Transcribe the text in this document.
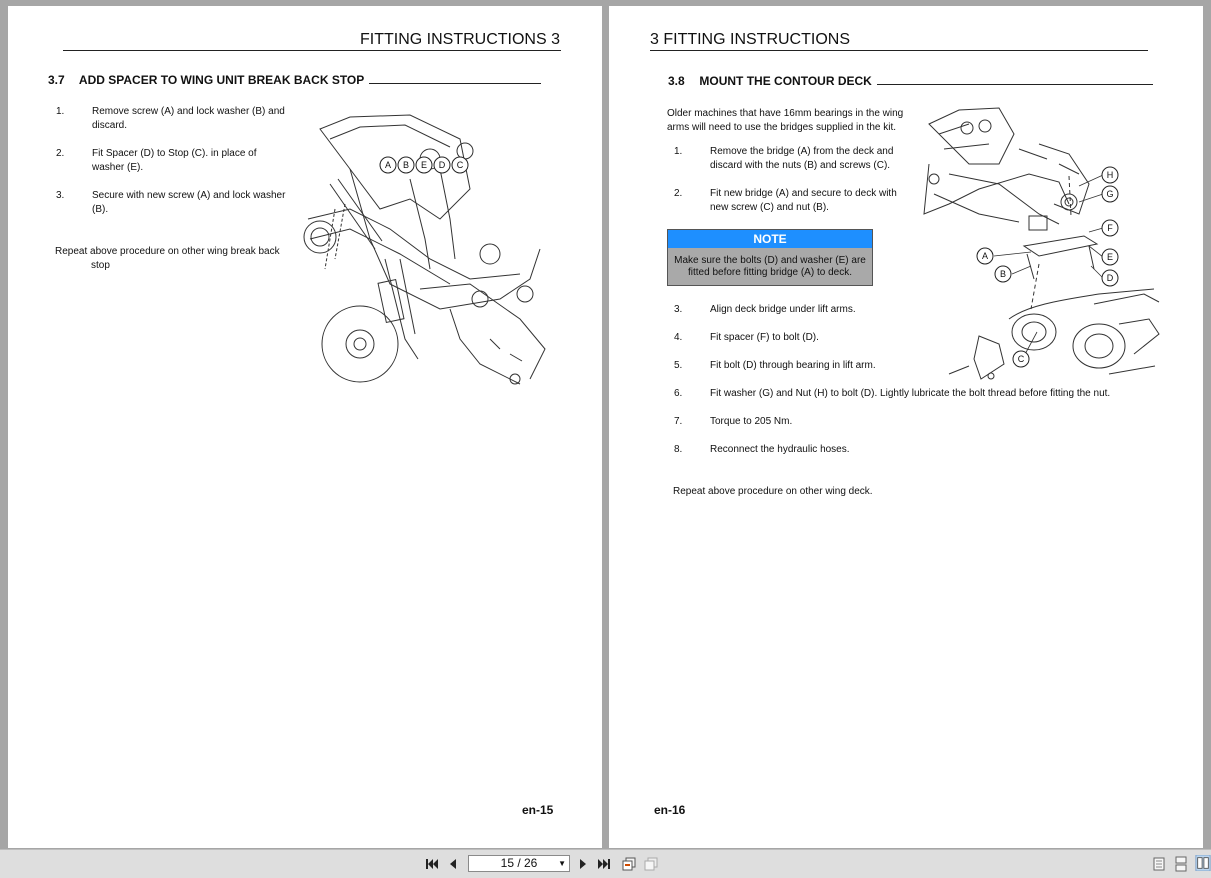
FITTING INSTRUCTIONS 3
3.7 ADD SPACER TO WING UNIT BREAK BACK STOP
1.	Remove screw (A) and lock washer (B) and
discard.
2.	Fit Spacer (D) to Stop (C). in place of
washer (E).
3.	Secure with new screw (A) and lock washer
(B).
Repeat above procedure on other wing break back
stop
A B E D C
en-15
3 FITTING INSTRUCTIONS
3.8 MOUNT THE CONTOUR DECK
Older machines that have 16mm bearings in the wing
arms will need to use the bridges supplied in the kit.
1.	Remove the bridge (A) from the deck and
discard with the nuts (B) and screws (C).
2.	Fit new bridge (A) and secure to deck with
new screw (C) and nut (B).
NOTE
Make sure the bolts (D) and washer (E) are
fitted before fitting bridge (A) to deck.
3.	Align deck bridge under lift arms.
4.	Fit spacer (F) to bolt (D).
5.	Fit bolt (D) through bearing in lift arm.
6.	Fit washer (G) and Nut (H) to bolt (D). Lightly lubricate the bolt thread before fitting the nut.
7.	Torque to 205 Nm.
8.	Reconnect the hydraulic hoses.
Repeat above procedure on other wing deck.
H
G
F
A	E
B	D
C
en-16
15 / 26	▼
